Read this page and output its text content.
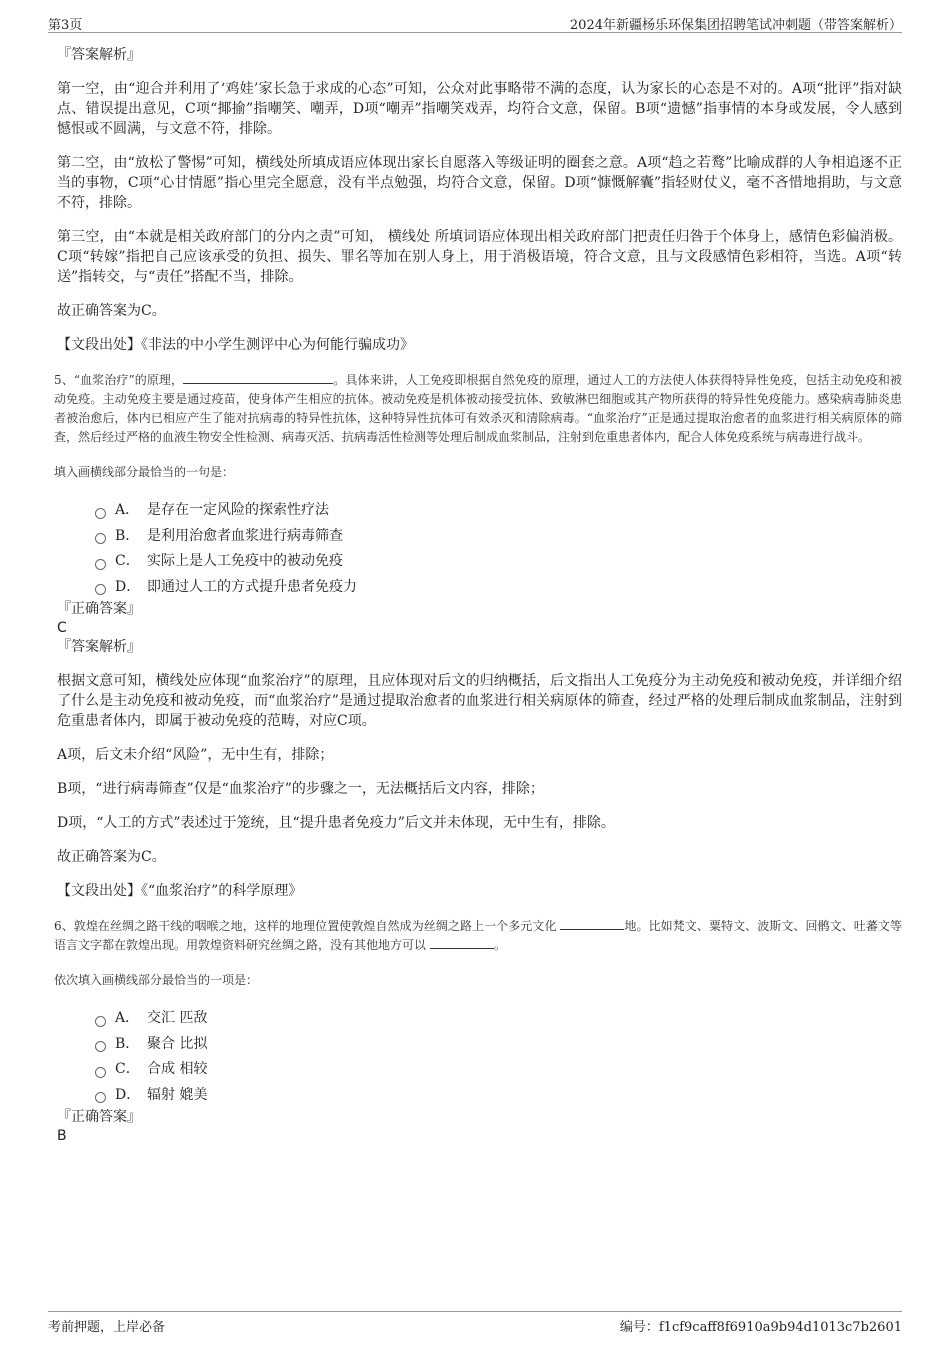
第3页	2024年新疆杨乐环保集团招聘笔试冲刺题（带答案解析）
『答案解析』

第一空，由“迎合并利用了‘鸡娃’家长急于求成的心态”可知，公众对此事略带不满的态度，认为家长的心态是不对的。A项“批评”指对缺点、错误提出意见，C项“揶揄”指嘲笑、嘲弄，D项“嘲弄”指嘲笑戏弄，均符合文意，保留。B项“遗憾”指事情的本身或发展，令人感到憾恨或不圆满，与文意不符，排除。

第二空，由“放松了警惕”可知，横线处所填成语应体现出家长自愿落入等级证明的圈套之意。A项“趋之若鹜”比喻成群的人争相追逐不正当的事物，C项“心甘情愿”指心里完全愿意，没有半点勉强，均符合文意，保留。D项“慷慨解囊”指轻财仗义，毫不吝惜地捐助，与文意不符，排除。

第三空，由“本就是相关政府部门的分内之责”可知， 横线处 所填词语应体现出相关政府部门把责任归咎于个体身上，感情色彩偏消极。C项“转嫁”指把自己应该承受的负担、损失、罪名等加在别人身上，用于消极语境，符合文意，且与文段感情色彩相符，当选。A项“转送”指转交，与“责任”搭配不当，排除。

故正确答案为C。

【文段出处】《非法的中小学生测评中心为何能行骗成功》

5、“血浆治疗”的原理，	。具体来讲，人工免疫即根据自然免疫的原理，通过人工的方法使人体获得特异性免疫，包括主动免疫和被动免疫。主动免疫主要是通过疫苗，使身体产生相应的抗体。被动免疫是机体被动接受抗体、致敏淋巴细胞或其产物所获得的特异性免疫能力。感染病毒肺炎患者被治愈后，体内已相应产生了能对抗病毒的特异性抗体，这种特异性抗体可有效杀灭和清除病毒。“血浆治疗”正是通过提取治愈者的血浆进行相关病原体的筛查，然后经过严格的血液生物安全性检测、病毒灭活、抗病毒活性检测等处理后制成血浆制品，注射到危重患者体内，配合人体免疫系统与病毒进行战斗。

填入画横线部分最恰当的一句是：

A． 是存在一定风险的探索性疗法
B． 是利用治愈者血浆进行病毒筛查
C． 实际上是人工免疫中的被动免疫
D． 即通过人工的方式提升患者免疫力
『正确答案』
C
『答案解析』

根据文意可知，横线处应体现“血浆治疗”的原理，且应体现对后文的归纳概括，后文指出人工免疫分为主动免疫和被动免疫，并详细介绍了什么是主动免疫和被动免疫，而“血浆治疗”是通过提取治愈者的血浆进行相关病原体的筛查，经过严格的处理后制成血浆制品，注射到危重患者体内，即属于被动免疫的范畴，对应C项。

A项，后文未介绍“风险”，无中生有，排除；

B项，“进行病毒筛查”仅是“血浆治疗”的步骤之一，无法概括后文内容，排除；

D项，“人工的方式”表述过于笼统，且“提升患者免疫力”后文并未体现，无中生有，排除。

故正确答案为C。

【文段出处】《“血浆治疗”的科学原理》

6、敦煌在丝绸之路干线的咽喉之地，这样的地理位置使敦煌自然成为丝绸之路上一个多元文化	地。比如梵文、粟特文、波斯文、回鹘文、吐蕃文等语言文字都在敦煌出现。用敦煌资料研究丝绸之路，没有其他地方可以	。

依次填入画横线部分最恰当的一项是：

A． 交汇 匹敌
B． 聚合 比拟
C． 合成 相较
D． 辐射 媲美
『正确答案』
B
考前押题，上岸必备	编号：f1cf9caff8f6910a9b94d1013c7b2601
